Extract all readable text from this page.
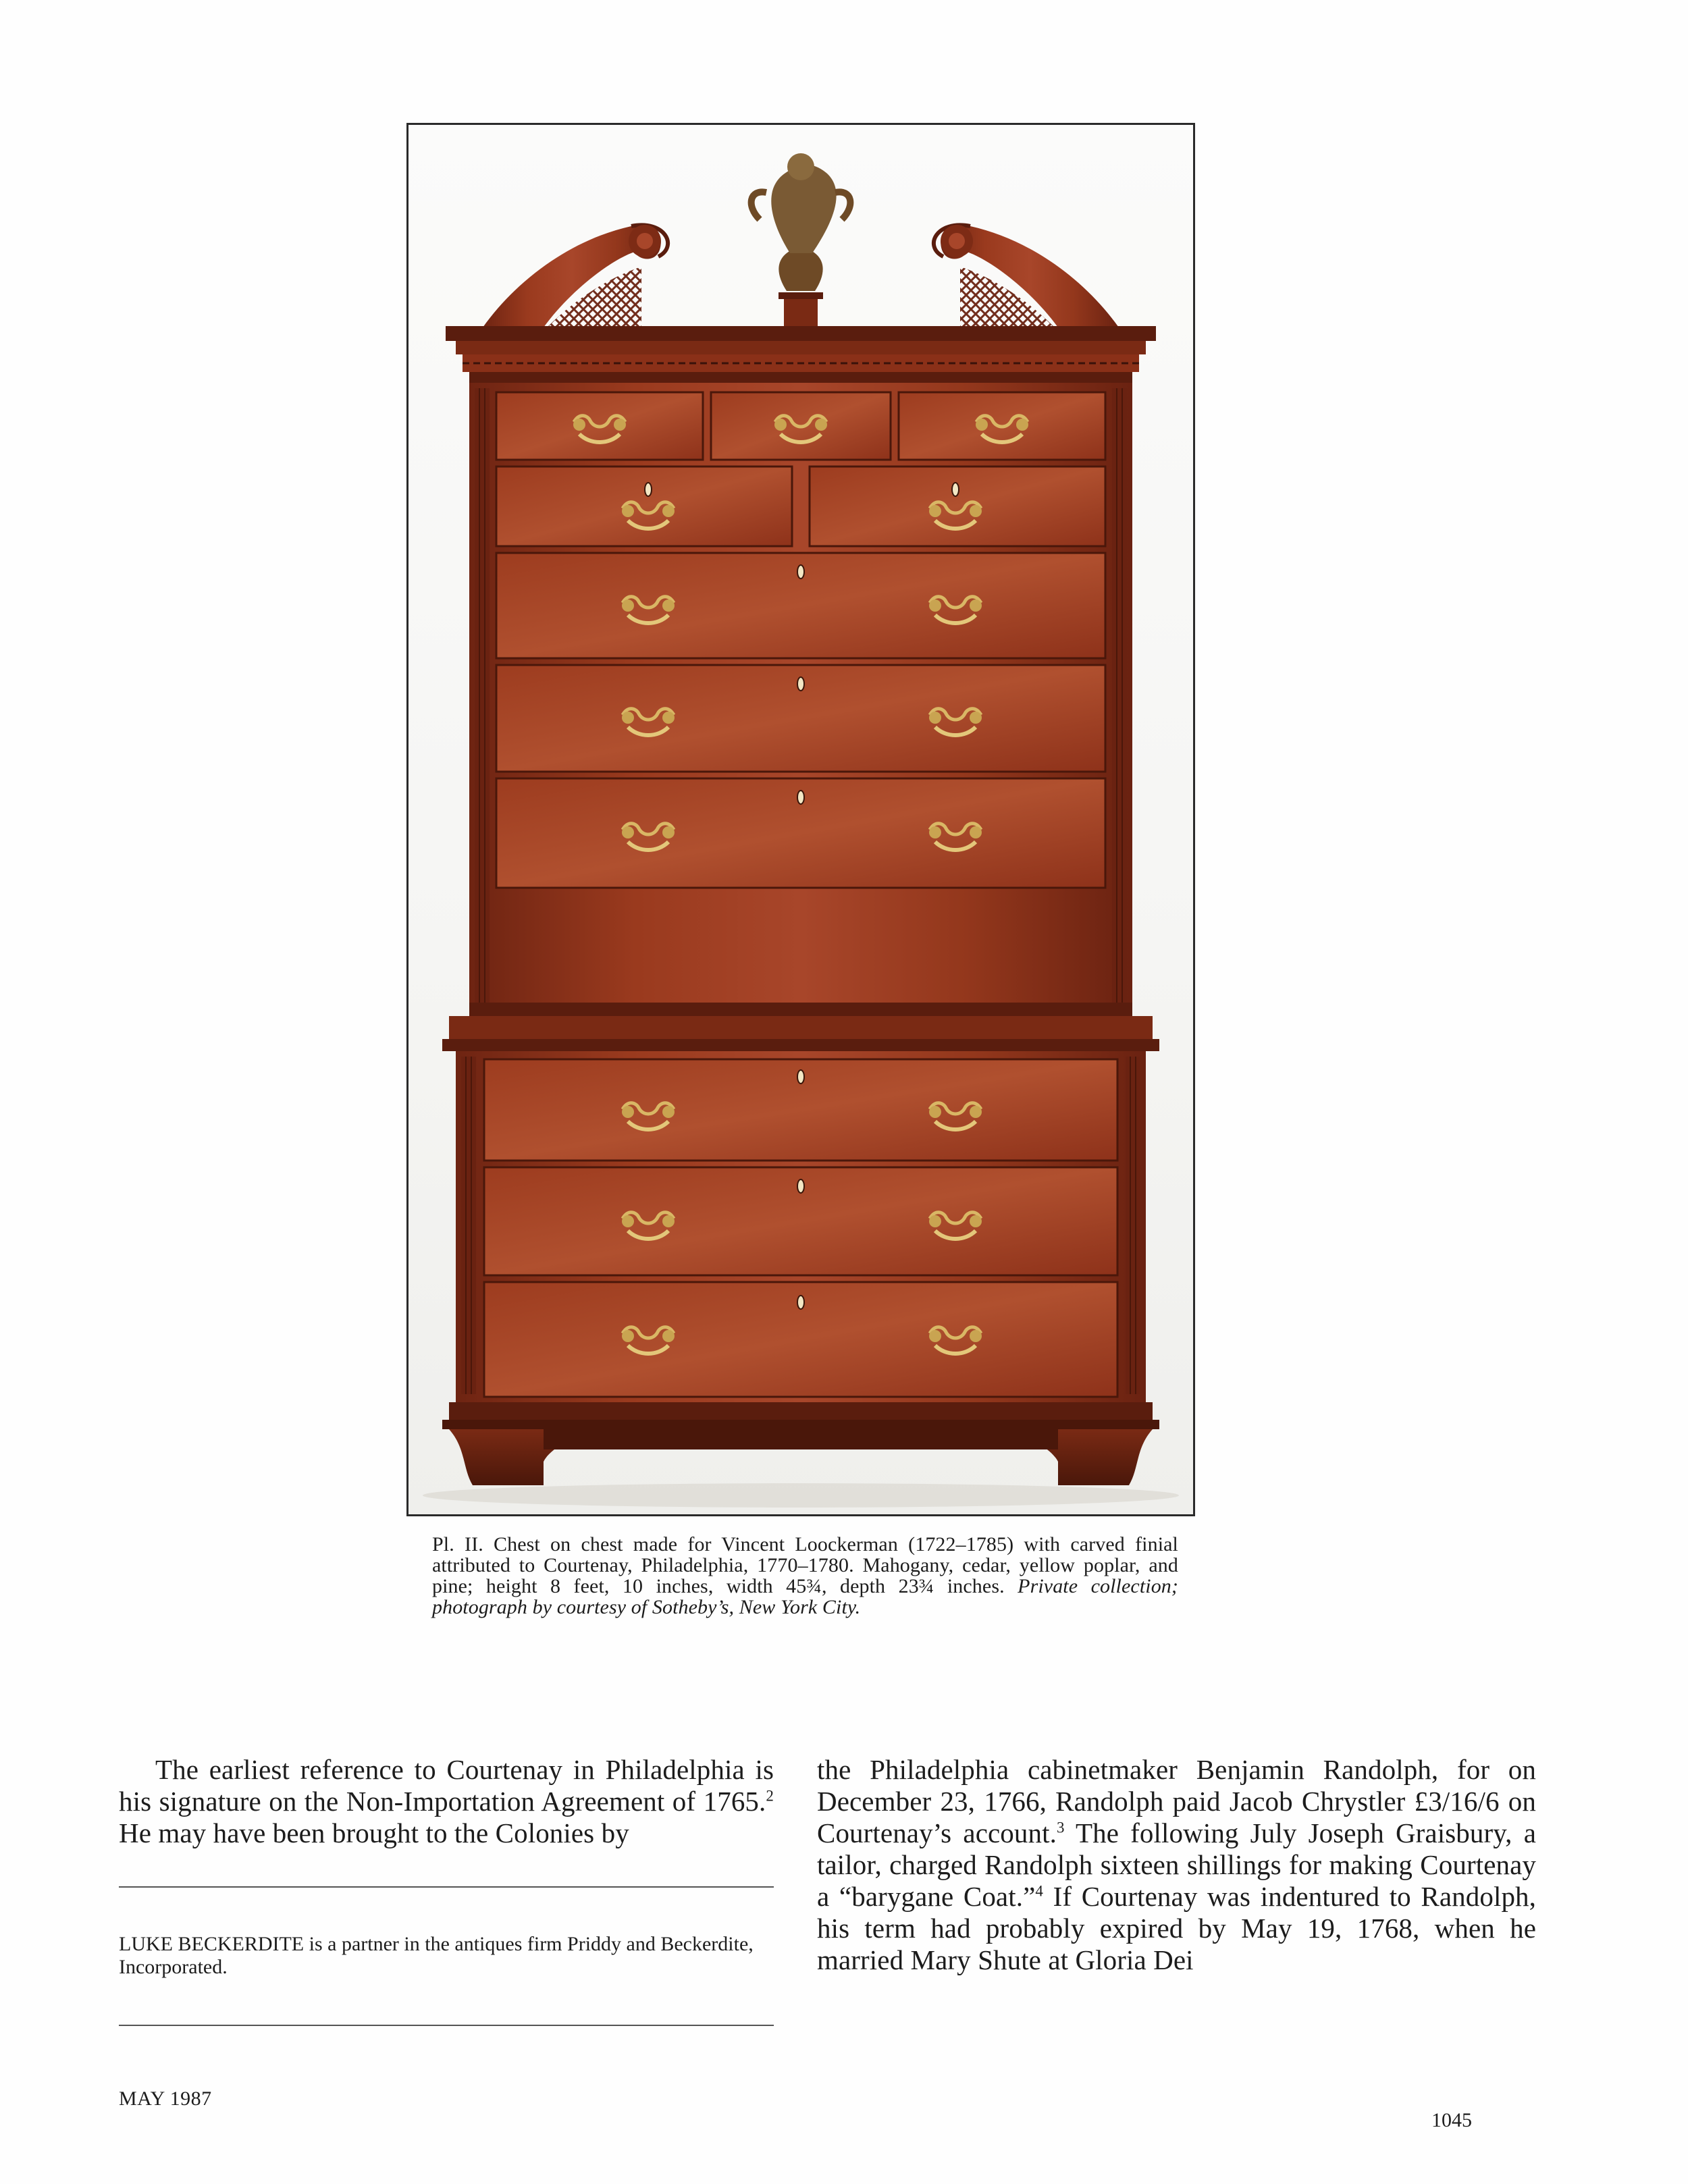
Pl. II. Chest on chest made for Vincent Loockerman (1722–1785) with carved finial attributed to Courtenay, Philadelphia, 1770–1780. Mahogany, cedar, yellow poplar, and pine; height 8 feet, 10 inches, width 45¾, depth 23¾ inches. Private collection; photograph by courtesy of Sotheby’s, New York City.

The earliest reference to Courtenay in Philadelphia is his signature on the Non-Importation Agreement of 1765.$^2$ He may have been brought to the Colonies by

LUKE BECKERDITE is a partner in the antiques firm Priddy and Beckerdite, Incorporated.

the Philadelphia cabinetmaker Benjamin Randolph, for on December 23, 1766, Randolph paid Jacob Chrystler £3/16/6 on Courtenay’s account.$^3$ The following July Joseph Graisbury, a tailor, charged Randolph sixteen shillings for making Courtenay a “barygane Coat.”$^4$ If Courtenay was indentured to Randolph, his term had probably expired by May 19, 1768, when he married Mary Shute at Gloria Dei

MAY 1987
1045
